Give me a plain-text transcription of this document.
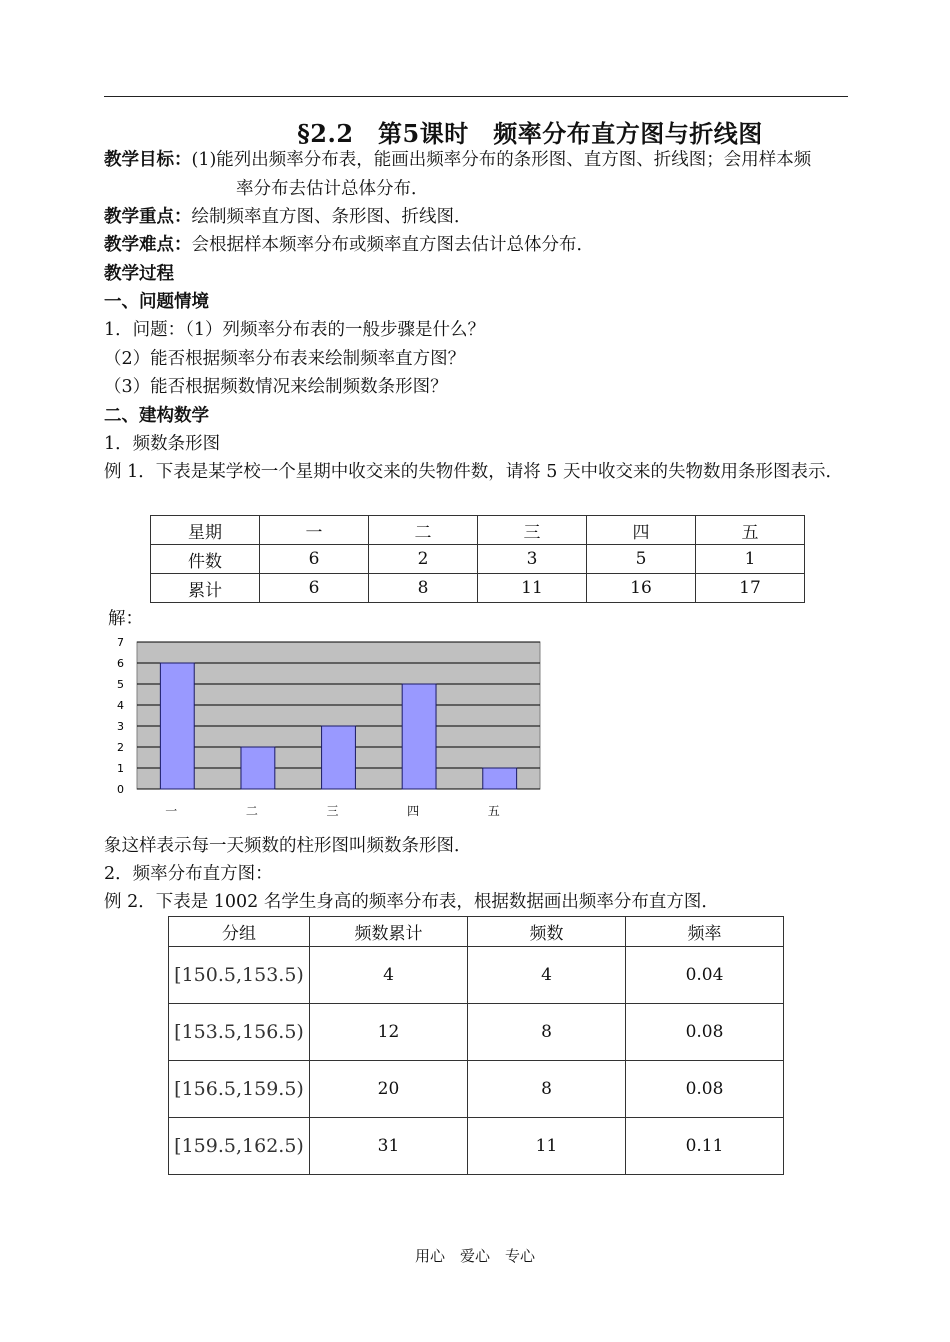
§2.2　第5课时　频率分布直方图与折线图
教学目标：(1)能列出频率分布表，能画出频率分布的条形图、直方图、折线图；会用样本频
率分布去估计总体分布．
教学重点：绘制频率直方图、条形图、折线图．
教学难点：会根据样本频率分布或频率直方图去估计总体分布．
教学过程
一、问题情境
1．问题：（1）列频率分布表的一般步骤是什么？
（2）能否根据频率分布表来绘制频率直方图？
（3）能否根据频数情况来绘制频数条形图？
二、建构数学
1．频数条形图
例 1．下表是某学校一个星期中收交来的失物件数，请将 5 天中收交来的失物数用条形图表示．
星期	一	二	三	四	五
件数	6	2	3	5	1
累计	6	8	11	16	17
解：
0
1
2
3
4
5
6
7
一	二	三	四	五
象这样表示每一天频数的柱形图叫频数条形图．
2．频率分布直方图：
例 2．下表是 1002 名学生身高的频率分布表，根据数据画出频率分布直方图．
分组	频数累计	频数	频率
[150.5,153.5)	4	4	0.04
[153.5,156.5)	12	8	0.08
[156.5,159.5)	20	8	0.08
[159.5,162.5)	31	11	0.11
用心　爱心　专心
